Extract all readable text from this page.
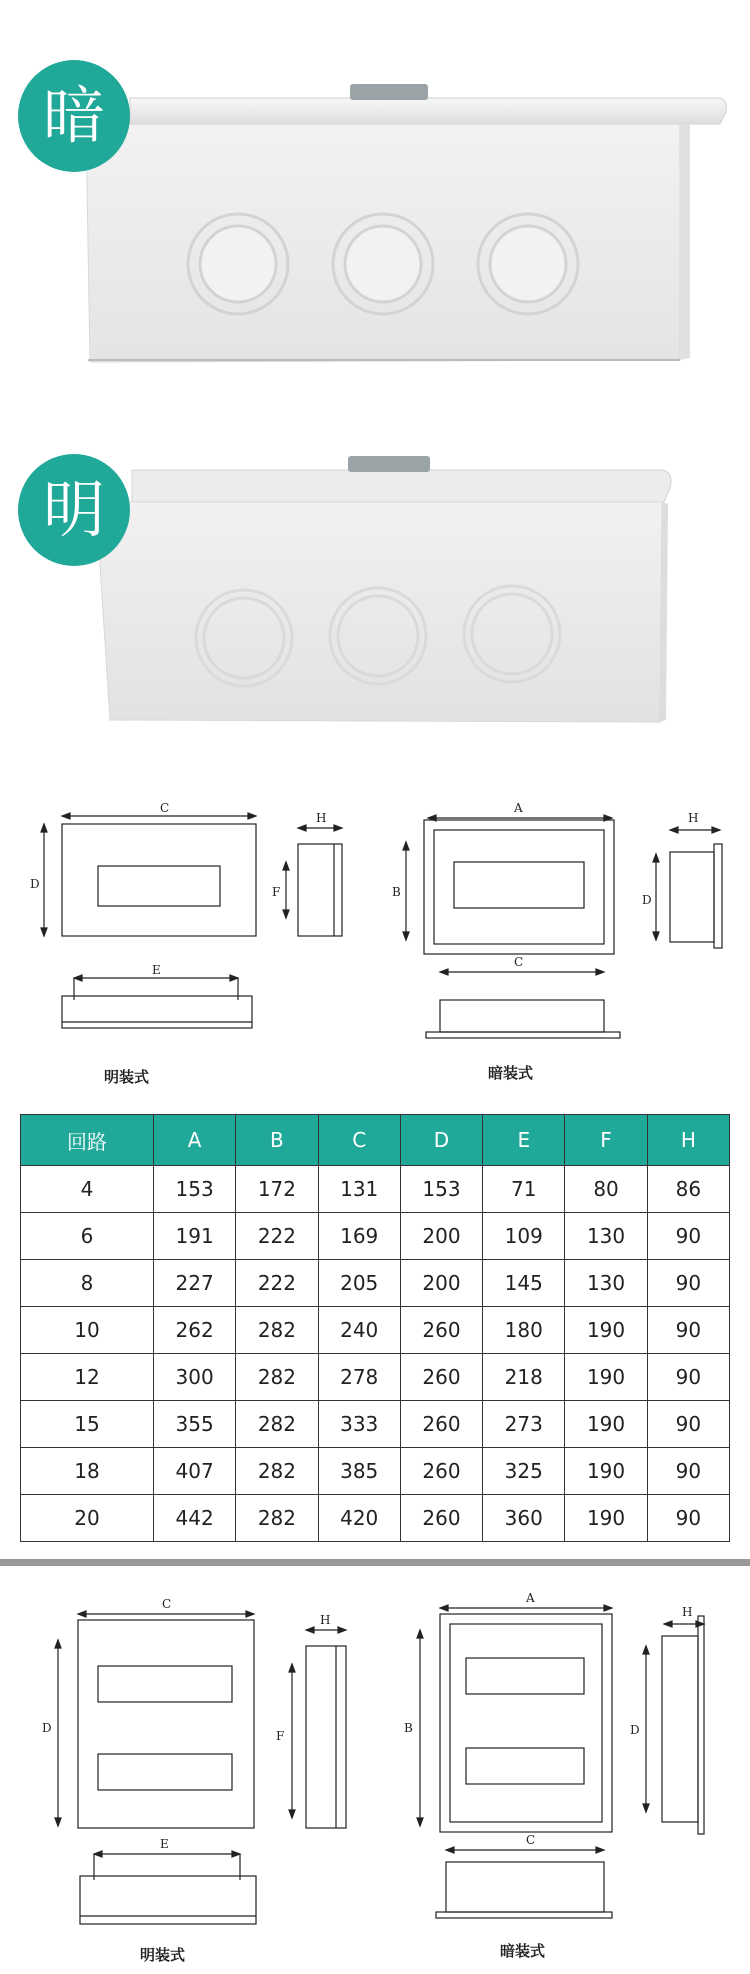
暗
明
C
D
H
F
E
A
B
C
D
H
明装式	暗装式
回路	A	B	C	D	E	F	H
4	153	172	131	153	71	80	86
6	191	222	169	200	109	130	90
8	227	222	205	200	145	130	90
10	262	282	240	260	180	190	90
12	300	282	278	260	218	190	90
15	355	282	333	260	273	190	90
18	407	282	385	260	325	190	90
20	442	282	420	260	360	190	90
C
D
H
F
E
A
B
C
D
H
明装式	暗装式
